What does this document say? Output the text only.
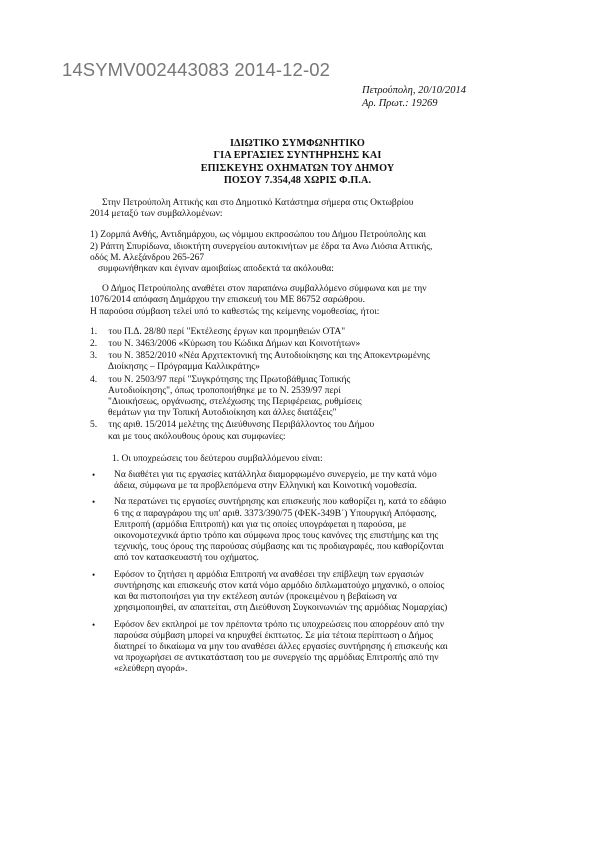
14SYMV002443083 2014-12-02
Πετρούπολη, 20/10/2014
Αρ. Πρωτ.: 19269
ΙΔΙΩΤΙΚΟ ΣΥΜΦΩΝΗΤΙΚΟ
ΓΙΑ ΕΡΓΑΣΙΕΣ ΣΥΝΤΗΡΗΣΗΣ ΚΑΙ
ΕΠΙΣΚΕΥΗΣ ΟΧΗΜΑΤΩΝ ΤΟΥ ΔΗΜΟΥ
ΠΟΣΟΥ 7.354,48 ΧΩΡΙΣ Φ.Π.Α.
Στην Πετρούπολη Αττικής και στο Δημοτικό Κατάστημα σήμερα στις Οκτωβρίου
2014 μεταξύ των συμβαλλομένων:
1) Ζορμπά Ανθής, Αντιδημάρχου, ως νόμιμου εκπροσώπου του Δήμου Πετρούπολης και
2) Ράπτη Σπυρίδωνα, ιδιοκτήτη συνεργείου αυτοκινήτων με έδρα τα Ανω Λιόσια Αττικής,
οδός Μ. Αλεξάνδρου 265-267
συμφωνήθηκαν και έγιναν αμοιβαίως αποδεκτά τα ακόλουθα:
Ο Δήμος Πετρούπολης αναθέτει στον παραπάνω συμβαλλόμενο σύμφωνα και με την
1076/2014 απόφαση Δημάρχου την επισκευή του ΜΕ 86752 σαρώθρου.
Η παρούσα σύμβαση τελεί υπό το καθεστώς της κείμενης νομοθεσίας, ήτοι:
1. του Π.Δ. 28/80 περί "Εκτέλεσης έργων και προμηθειών ΟΤΑ"
2. του Ν. 3463/2006 «Κύρωση του Κώδικα Δήμων και Κοινοτήτων»
3. του Ν. 3852/2010 «Νέα Αρχιτεκτονική της Αυτοδιοίκησης και της Αποκεντρωμένης
Διοίκησης – Πρόγραμμα Καλλικράτης»
4. του Ν. 2503/97 περί "Συγκρότησης της Πρωτοβάθμιας Τοπικής
Αυτοδιοίκησης", όπως τροποποιήθηκε με το Ν. 2539/97 περί
"Διοικήσεως, οργάνωσης, στελέχωσης της Περιφέρειας, ρυθμίσεις
θεμάτων για την Τοπική Αυτοδιοίκηση και άλλες διατάξεις"
5. της αριθ. 15/2014 μελέτης της Διεύθυνσης Περιβάλλοντος του Δήμου
και με τους ακόλουθους όρους και συμφωνίες:
1. Οι υποχρεώσεις του δεύτερου συμβαλλόμενου είναι:
• Να διαθέτει για τις εργασίες κατάλληλα διαμορφωμένο συνεργείο, με την κατά νόμο
άδεια, σύμφωνα με τα προβλεπόμενα στην Ελληνική και Κοινοτική νομοθεσία.
• Να περατώνει τις εργασίες συντήρησης και επισκευής που καθορίζει η, κατά το εδάφιο
6 της α παραγράφου της υπ' αριθ. 3373/390/75 (ΦΕΚ-349Β΄) Υπουργική Απόφασης,
Επιτροπή (αρμόδια Επιτροπή) και για τις οποίες υπογράφεται η παρούσα, με
οικονομοτεχνικά άρτιο τρόπο και σύμφωνα προς τους κανόνες της επιστήμης και της
τεχνικής, τους όρους της παρούσας σύμβασης και τις προδιαγραφές, που καθορίζονται
από τον κατασκευαστή του οχήματος.
• Εφόσον το ζητήσει η αρμόδια Επιτροπή να αναθέσει την επίβλεψη των εργασιών
συντήρησης και επισκευής στον κατά νόμο αρμόδιο διπλωματούχο μηχανικό, ο οποίος
και θα πιστοποιήσει για την εκτέλεση αυτών (προκειμένου η βεβαίωση να
χρησιμοποιηθεί, αν απαιτείται, στη Διεύθυνση Συγκοινωνιών της αρμόδιας Νομαρχίας)
• Εφόσον δεν εκπληροί με τον πρέποντα τρόπο τις υποχρεώσεις που απορρέουν από την
παρούσα σύμβαση μπορεί να κηρυχθεί έκπτωτος. Σε μία τέτοια περίπτωση ο Δήμος
διατηρεί το δικαίωμα να μην του αναθέσει άλλες εργασίες συντήρησης ή επισκευής και
να προχωρήσει σε αντικατάσταση του με συνεργείο της αρμόδιας Επιτροπής από την
«ελεύθερη αγορά».
